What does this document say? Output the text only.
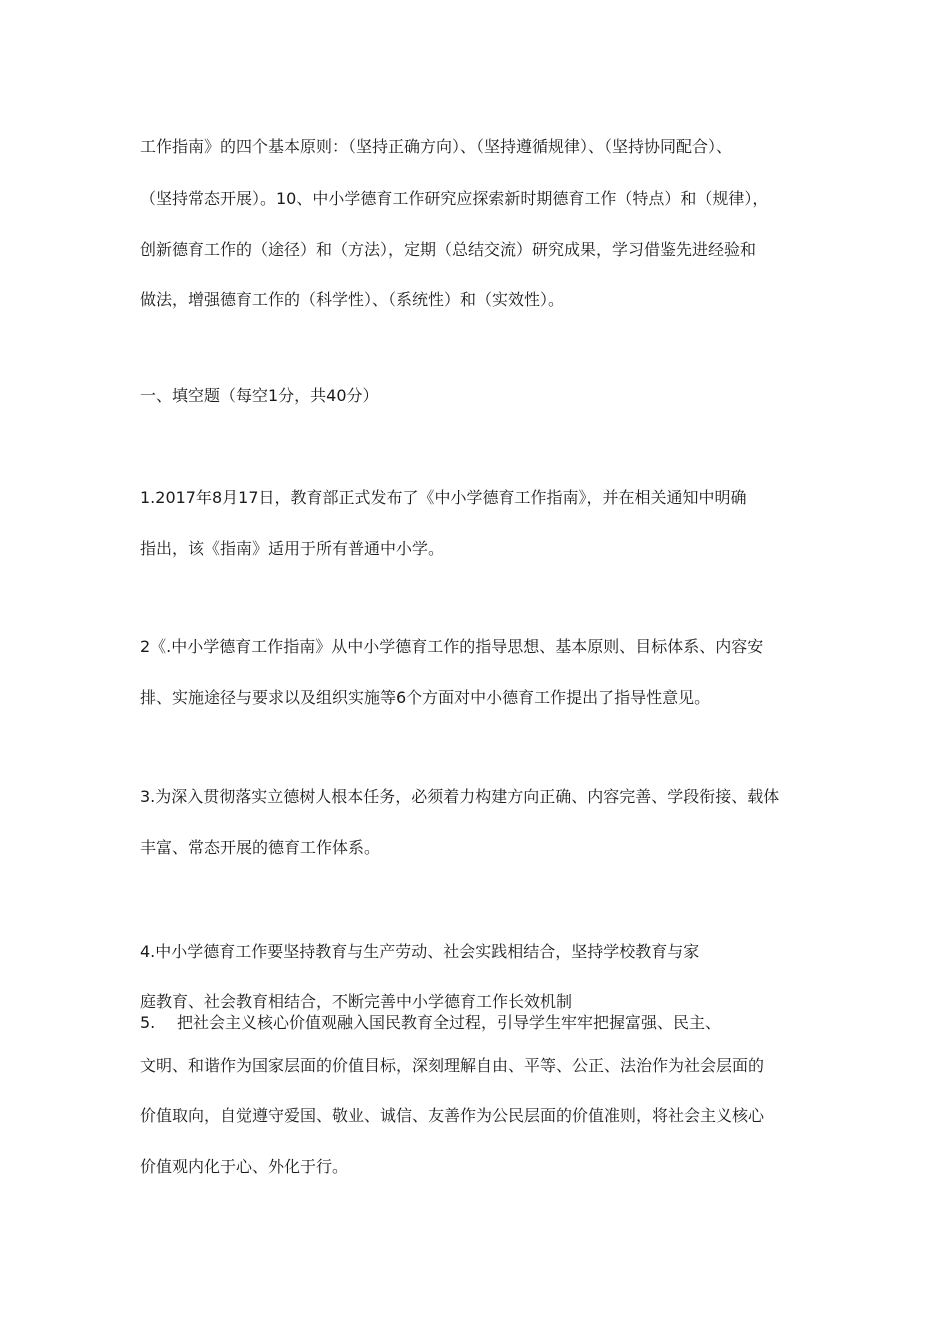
工作指南》的四个基本原则：（坚持正确方向）、（坚持遵循规律）、（坚持协同配合）、
（坚持常态开展）。10、中小学德育工作研究应探索新时期德育工作（特点）和（规律），
创新德育工作的（途径）和（方法），定期（总结交流）研究成果，学习借鉴先进经验和
做法，增强德育工作的（科学性）、（系统性）和（实效性）。
一、填空题（每空1分，共40分）
1.2017年8月17日，教育部正式发布了《中小学德育工作指南》，并在相关通知中明确
指出，该《指南》适用于所有普通中小学。
2《.中小学德育工作指南》从中小学德育工作的指导思想、基本原则、目标体系、内容安
排、实施途径与要求以及组织实施等6个方面对中小德育工作提出了指导性意见。
3.为深入贯彻落实立德树人根本任务，必须着力构建方向正确、内容完善、学段衔接、载体
丰富、常态开展的德育工作体系。
4.中小学德育工作要坚持教育与生产劳动、社会实践相结合，坚持学校教育与家
庭教育、社会教育相结合，不断完善中小学德育工作长效机制
5. 把社会主义核心价值观融入国民教育全过程，引导学生牢牢把握富强、民主、
文明、和谐作为国家层面的价值目标，深刻理解自由、平等、公正、法治作为社会层面的
价值取向，自觉遵守爱国、敬业、诚信、友善作为公民层面的价值准则，将社会主义核心
价值观内化于心、外化于行。
